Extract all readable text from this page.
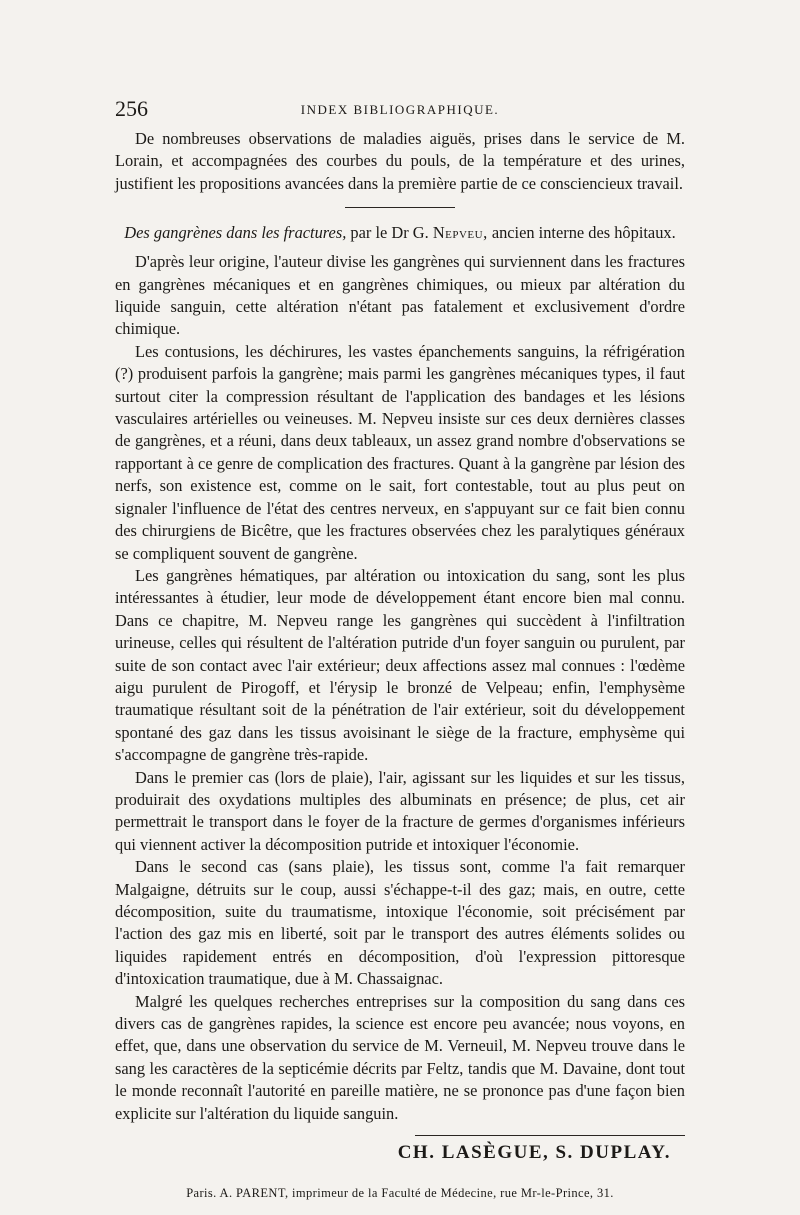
256	INDEX BIBLIOGRAPHIQUE.

De nombreuses observations de maladies aiguës, prises dans le service de M. Lorain, et accompagnées des courbes du pouls, de la température et des urines, justifient les propositions avancées dans la première partie de ce consciencieux travail.

Des gangrènes dans les fractures, par le Dr G. Nepveu, ancien interne des hôpitaux.

D'après leur origine, l'auteur divise les gangrènes qui surviennent dans les fractures en gangrènes mécaniques et en gangrènes chimiques, ou mieux par altération du liquide sanguin, cette altération n'étant pas fatalement et exclusivement d'ordre chimique.

Les contusions, les déchirures, les vastes épanchements sanguins, la réfrigération (?) produisent parfois la gangrène; mais parmi les gangrènes mécaniques types, il faut surtout citer la compression résultant de l'application des bandages et les lésions vasculaires artérielles ou veineuses. M. Nepveu insiste sur ces deux dernières classes de gangrènes, et a réuni, dans deux tableaux, un assez grand nombre d'observations se rapportant à ce genre de complication des fractures. Quant à la gangrène par lésion des nerfs, son existence est, comme on le sait, fort contestable, tout au plus peut on signaler l'influence de l'état des centres nerveux, en s'appuyant sur ce fait bien connu des chirurgiens de Bicêtre, que les fractures observées chez les paralytiques généraux se compliquent souvent de gangrène.

Les gangrènes hématiques, par altération ou intoxication du sang, sont les plus intéressantes à étudier, leur mode de développement étant encore bien mal connu. Dans ce chapitre, M. Nepveu range les gangrènes qui succèdent à l'infiltration urineuse, celles qui résultent de l'altération putride d'un foyer sanguin ou purulent, par suite de son contact avec l'air extérieur; deux affections assez mal connues : l'œdème aigu purulent de Pirogoff, et l'érysip le bronzé de Velpeau; enfin, l'emphysème traumatique résultant soit de la pénétration de l'air extérieur, soit du développement spontané des gaz dans les tissus avoisinant le siège de la fracture, emphysème qui s'accompagne de gangrène très-rapide.

Dans le premier cas (lors de plaie), l'air, agissant sur les liquides et sur les tissus, produirait des oxydations multiples des albuminats en présence; de plus, cet air permettrait le transport dans le foyer de la fracture de germes d'organismes inférieurs qui viennent activer la décomposition putride et intoxiquer l'économie.

Dans le second cas (sans plaie), les tissus sont, comme l'a fait remarquer Malgaigne, détruits sur le coup, aussi s'échappe-t-il des gaz; mais, en outre, cette décomposition, suite du traumatisme, intoxique l'économie, soit précisément par l'action des gaz mis en liberté, soit par le transport des autres éléments solides ou liquides rapidement entrés en décomposition, d'où l'expression pittoresque d'intoxication traumatique, due à M. Chassaignac.

Malgré les quelques recherches entreprises sur la composition du sang dans ces divers cas de gangrènes rapides, la science est encore peu avancée; nous voyons, en effet, que, dans une observation du service de M. Verneuil, M. Nepveu trouve dans le sang les caractères de la septicémie décrits par Feltz, tandis que M. Davaine, dont tout le monde reconnaît l'autorité en pareille matière, ne se prononce pas d'une façon bien explicite sur l'altération du liquide sanguin.

CH. LASÈGUE, S. DUPLAY.
Paris. A. PARENT, imprimeur de la Faculté de Médecine, rue Mr-le-Prince, 31.
